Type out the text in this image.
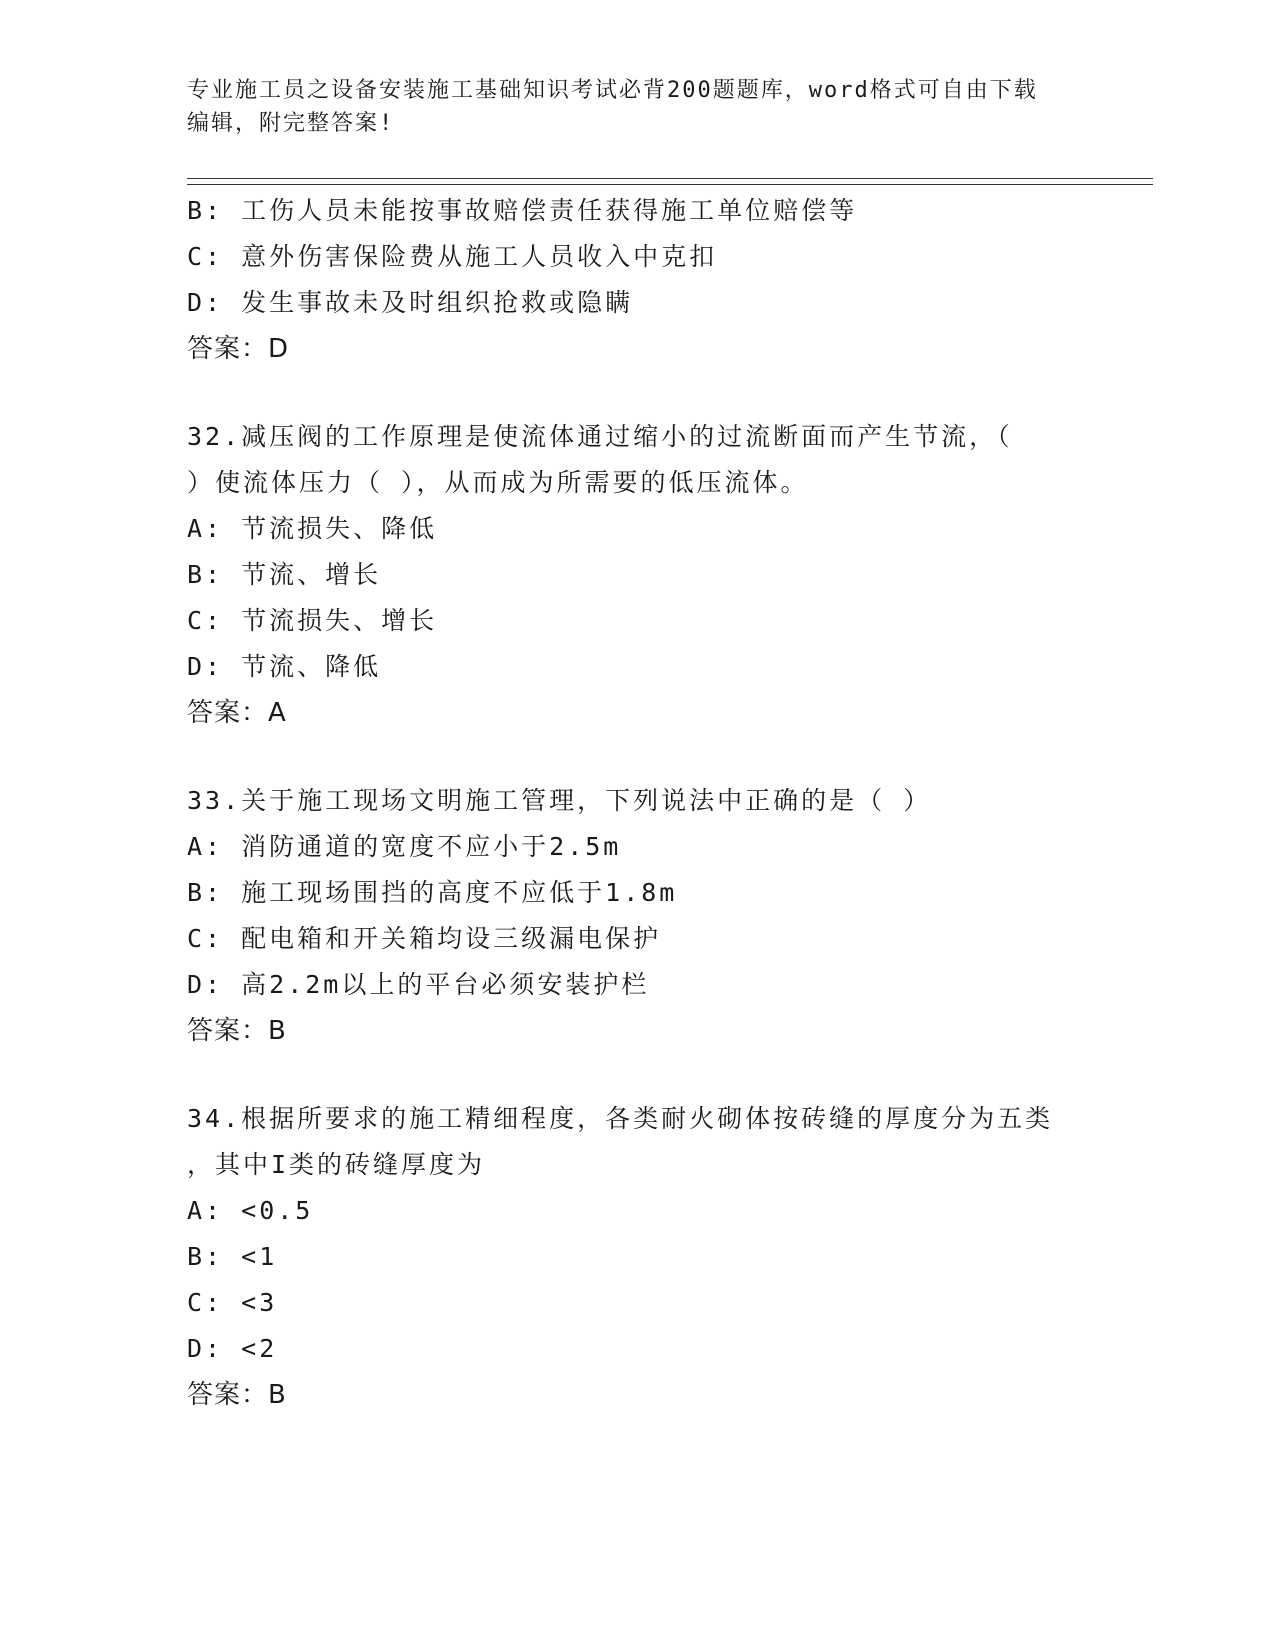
专业施工员之设备安装施工基础知识考试必背200题题库，word格式可自由下载
编辑，附完整答案!
B: 工伤人员未能按事故赔偿责任获得施工单位赔偿等
C: 意外伤害保险费从施工人员收入中克扣
D: 发生事故未及时组织抢救或隐瞒
答案：D
32.减压阀的工作原理是使流体通过缩小的过流断面而产生节流，（
）使流体压力（ ），从而成为所需要的低压流体。
A: 节流损失、降低
B: 节流、增长
C: 节流损失、增长
D: 节流、降低
答案：A
33.关于施工现场文明施工管理，下列说法中正确的是（ ）
A: 消防通道的宽度不应小于2.5m
B: 施工现场围挡的高度不应低于1.8m
C: 配电箱和开关箱均设三级漏电保护
D: 高2.2m以上的平台必须安装护栏
答案：B
34.根据所要求的施工精细程度，各类耐火砌体按砖缝的厚度分为五类
，其中I类的砖缝厚度为
A: <0.5
B: <1
C: <3
D: <2
答案：B
